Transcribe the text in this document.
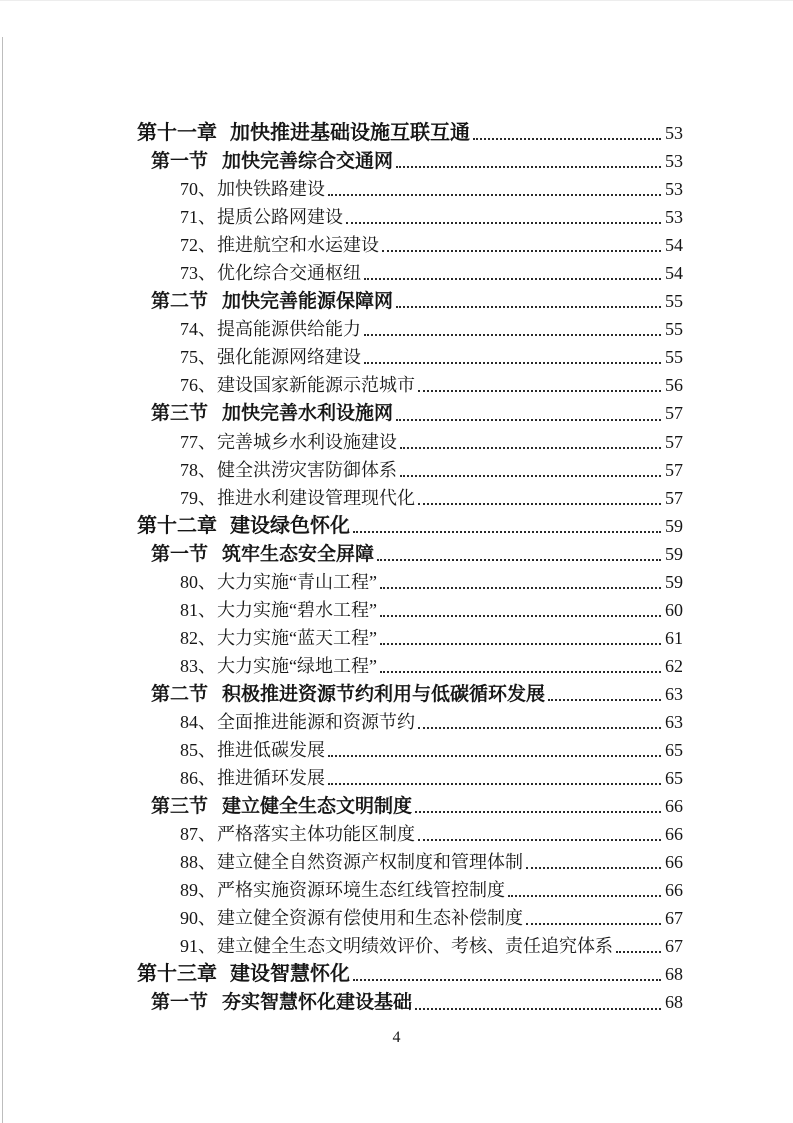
第十一章 加快推进基础设施互联互通	53
第一节 加快完善综合交通网	53
70、 加快铁路建设	53
71、 提质公路网建设	53
72、 推进航空和水运建设	54
73、 优化综合交通枢纽	54
第二节 加快完善能源保障网	55
74、 提高能源供给能力	55
75、 强化能源网络建设	55
76、 建设国家新能源示范城市	56
第三节 加快完善水利设施网	57
77、 完善城乡水利设施建设	57
78、 健全洪涝灾害防御体系	57
79、 推进水利建设管理现代化	57
第十二章 建设绿色怀化	59
第一节 筑牢生态安全屏障	59
80、 大力实施“青山工程”	59
81、 大力实施“碧水工程”	60
82、 大力实施“蓝天工程”	61
83、 大力实施“绿地工程”	62
第二节 积极推进资源节约利用与低碳循环发展	63
84、 全面推进能源和资源节约	63
85、 推进低碳发展	65
86、 推进循环发展	65
第三节 建立健全生态文明制度	66
87、 严格落实主体功能区制度	66
88、 建立健全自然资源产权制度和管理体制	66
89、 严格实施资源环境生态红线管控制度	66
90、 建立健全资源有偿使用和生态补偿制度	67
91、 建立健全生态文明绩效评价、考核、责任追究体系	67
第十三章 建设智慧怀化	68
第一节 夯实智慧怀化建设基础	68
4
